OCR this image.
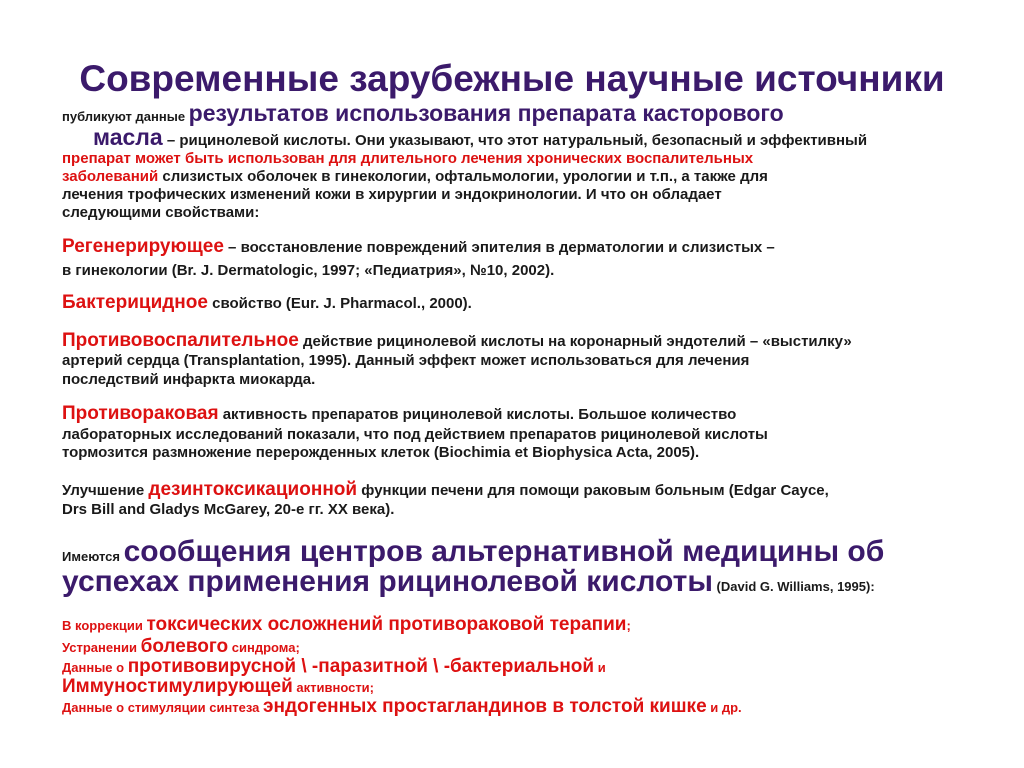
Современные зарубежные научные источники
публикуют данные результатов использования препарата касторового
масла – рицинолевой кислоты. Они указывают, что этот натуральный, безопасный и эффективный
препарат может быть использован для длительного лечения хронических воспалительных
заболеваний слизистых оболочек в гинекологии, офтальмологии, урологии и т.п., а также для
лечения трофических изменений кожи в хирургии и эндокринологии. И что он обладает
следующими свойствами:
Регенерирующее – восстановление повреждений эпителия в дерматологии и слизистых –
в гинекологии (Br. J. Dermatologic, 1997; «Педиатрия», №10, 2002).
Бактерицидное свойство (Eur. J. Pharmacol., 2000).
Противовоспалительное действие рицинолевой кислоты на коронарный эндотелий – «выстилку»
артерий сердца (Transplantation, 1995). Данный эффект может использоваться для лечения
последствий инфаркта миокарда.
Противораковая активность препаратов рицинолевой кислоты. Большое количество
лабораторных исследований показали, что под действием препаратов рицинолевой кислоты
тормозится размножение перерожденных клеток (Biochimia et Biophysica Acta, 2005).
Улучшение дезинтоксикационной функции печени для помощи раковым больным (Edgar Cayce,
Drs Bill and Gladys McGarey, 20-е гг. XX века).
Имеются сообщения центров альтернативной медицины об
успехах применения рицинолевой кислоты (David G. Williams, 1995):
В коррекции токсических осложнений противораковой терапии;
Устранении болевого синдрома;
Данные о противовирусной \ -паразитной \ -бактериальной и
Иммуностимулирующей активности;
Данные о стимуляции синтеза эндогенных простагландинов в толстой кишке и др.
